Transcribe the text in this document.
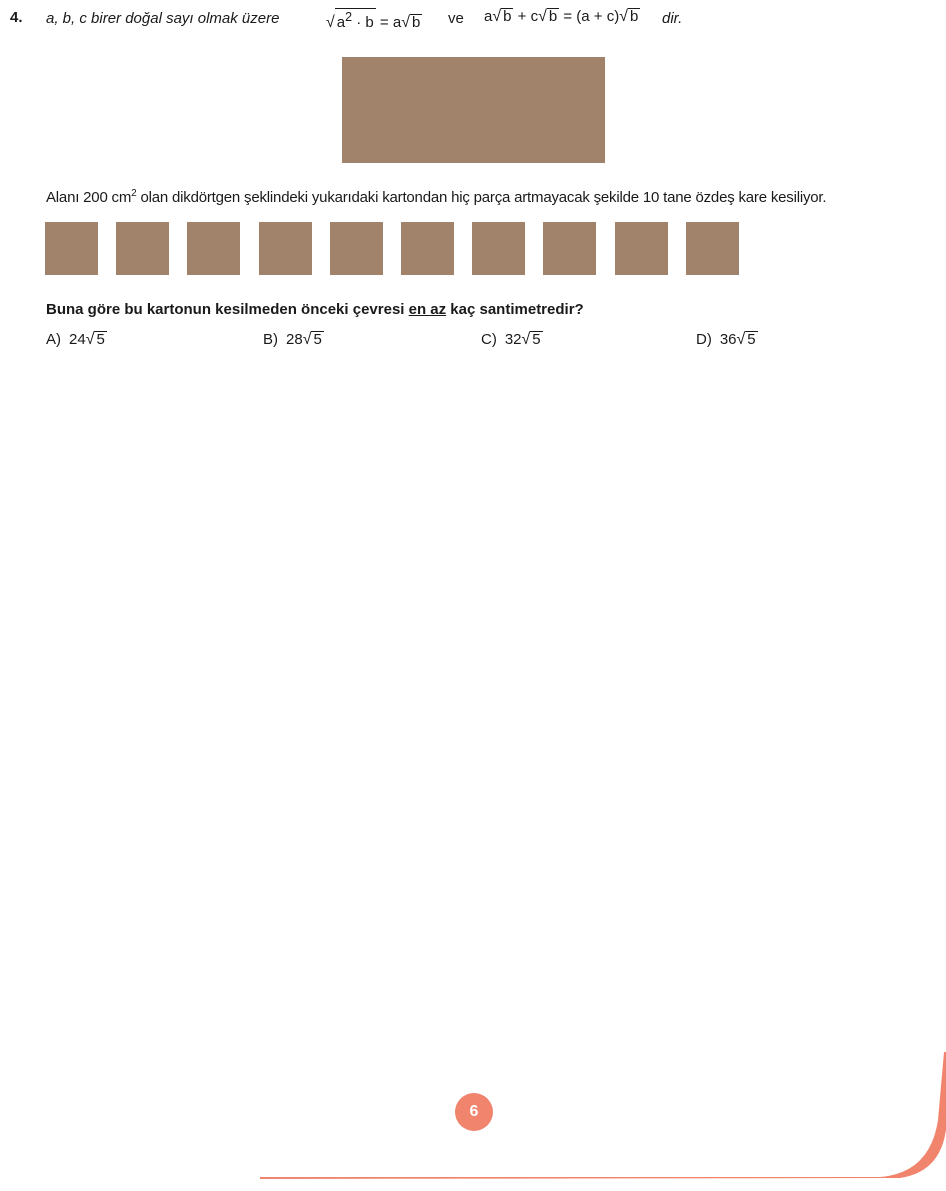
4. a, b, c birer doğal sayı olmak üzere	√ $a^2 \cdot b = a√$ b ve a√ b + c√ b = (a + c)√ b dir.
Alanı 200 $cm^2$ olan dikdörtgen şeklindeki yukarıdaki kartondan hiç parça artmayacak şekilde 10 tane özdeş kare kesiliyor.
Buna göre bu kartonun kesilmeden önceki çevresi en az kaç santimetredir?
A) 24√ 5	B) 28√ 5	C) 32√ 5	D) 36√ 5
6
